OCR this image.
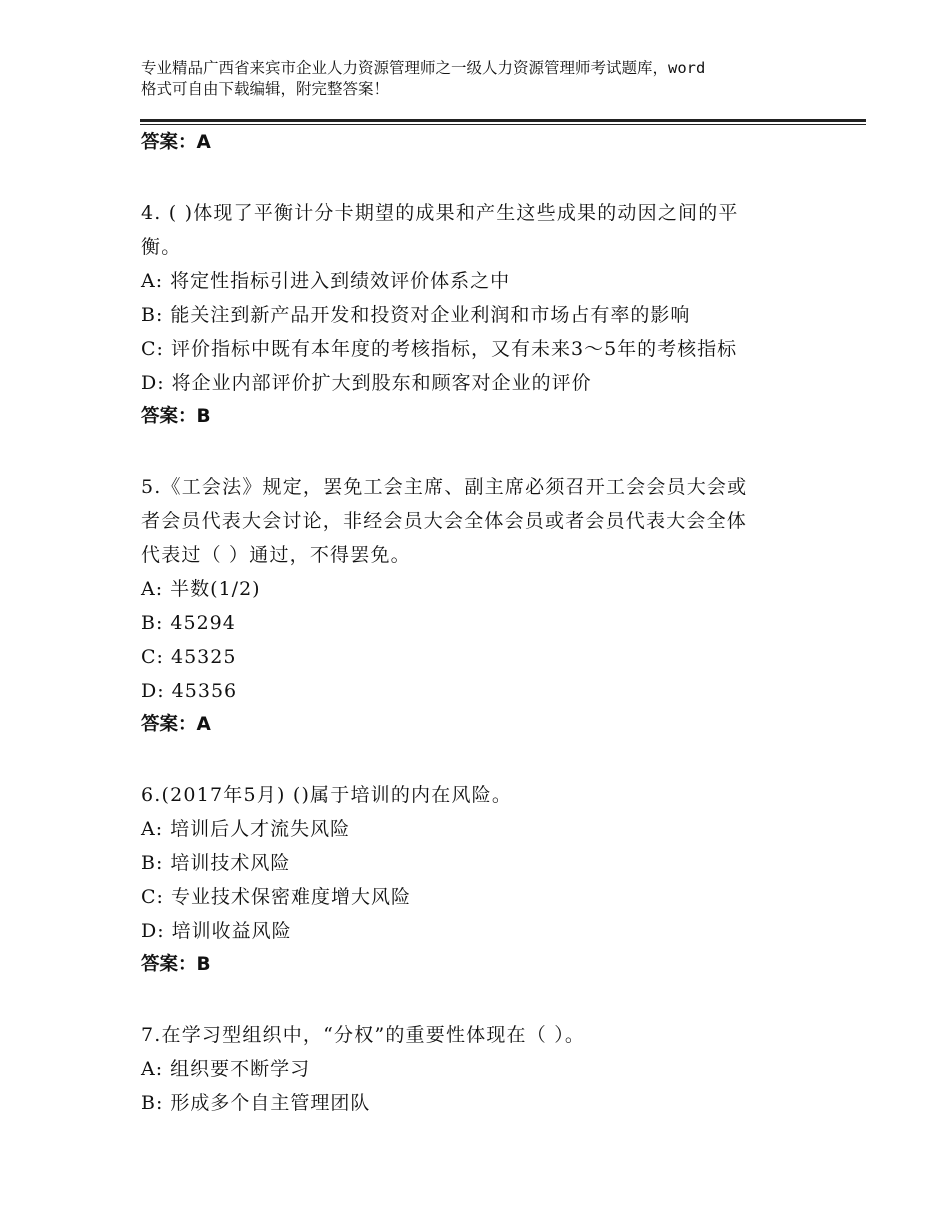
专业精品广西省来宾市企业人力资源管理师之一级人力资源管理师考试题库，word
格式可自由下载编辑，附完整答案！
答案：A
4. ( )体现了平衡计分卡期望的成果和产生这些成果的动因之间的平
衡。
A: 将定性指标引进入到绩效评价体系之中
B: 能关注到新产品开发和投资对企业利润和市场占有率的影响
C: 评价指标中既有本年度的考核指标，又有未来3～5年的考核指标
D: 将企业内部评价扩大到股东和顾客对企业的评价
答案：B
5.《工会法》规定，罢免工会主席、副主席必须召开工会会员大会或
者会员代表大会讨论，非经会员大会全体会员或者会员代表大会全体
代表过（ ）通过，不得罢免。
A: 半数(1/2)
B: 45294
C: 45325
D: 45356
答案：A
6.(2017年5月) ()属于培训的内在风险。
A: 培训后人才流失风险
B: 培训技术风险
C: 专业技术保密难度增大风险
D: 培训收益风险
答案：B
7.在学习型组织中，“分权”的重要性体现在（ ）。
A: 组织要不断学习
B: 形成多个自主管理团队
